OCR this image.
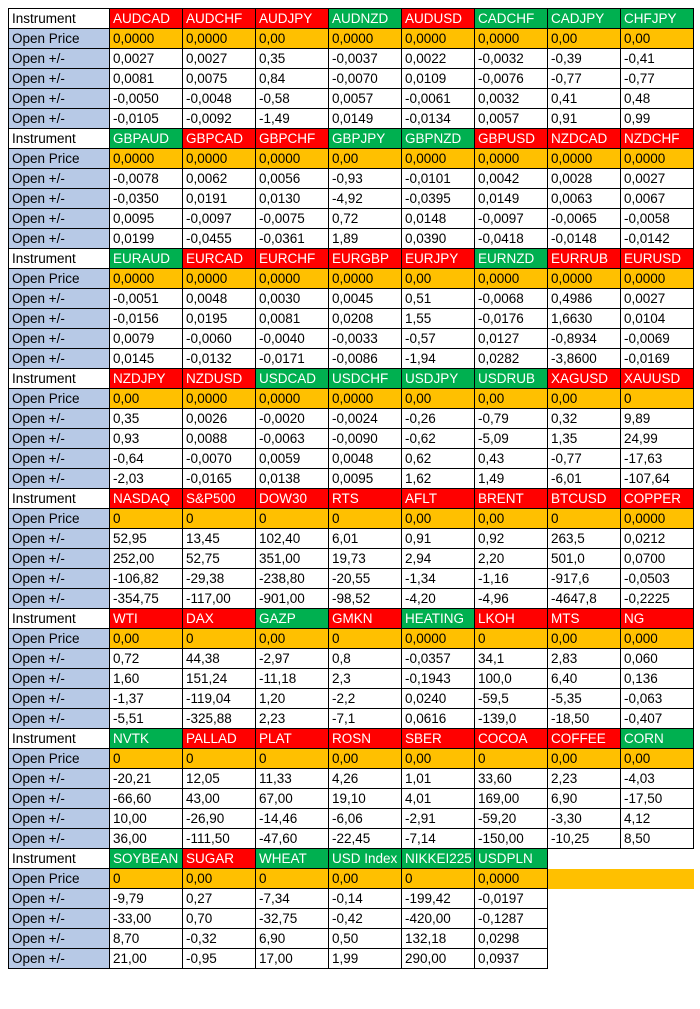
Instrument	AUDCAD	AUDCHF	AUDJPY	AUDNZD	AUDUSD	CADCHF	CADJPY	CHFJPY
Open Price	0,0000	0,0000	0,00	0,0000	0,0000	0,0000	0,00	0,00
Open +/-	0,0027	0,0027	0,35	-0,0037	0,0022	-0,0032	-0,39	-0,41
Open +/-	0,0081	0,0075	0,84	-0,0070	0,0109	-0,0076	-0,77	-0,77
Open +/-	-0,0050	-0,0048	-0,58	0,0057	-0,0061	0,0032	0,41	0,48
Open +/-	-0,0105	-0,0092	-1,49	0,0149	-0,0134	0,0057	0,91	0,99
Instrument	GBPAUD	GBPCAD	GBPCHF	GBPJPY	GBPNZD	GBPUSD	NZDCAD	NZDCHF
Open Price	0,0000	0,0000	0,0000	0,00	0,0000	0,0000	0,0000	0,0000
Open +/-	-0,0078	0,0062	0,0056	-0,93	-0,0101	0,0042	0,0028	0,0027
Open +/-	-0,0350	0,0191	0,0130	-4,92	-0,0395	0,0149	0,0063	0,0067
Open +/-	0,0095	-0,0097	-0,0075	0,72	0,0148	-0,0097	-0,0065	-0,0058
Open +/-	0,0199	-0,0455	-0,0361	1,89	0,0390	-0,0418	-0,0148	-0,0142
Instrument	EURAUD	EURCAD	EURCHF	EURGBP	EURJPY	EURNZD	EURRUB	EURUSD
Open Price	0,0000	0,0000	0,0000	0,0000	0,00	0,0000	0,0000	0,0000
Open +/-	-0,0051	0,0048	0,0030	0,0045	0,51	-0,0068	0,4986	0,0027
Open +/-	-0,0156	0,0195	0,0081	0,0208	1,55	-0,0176	1,6630	0,0104
Open +/-	0,0079	-0,0060	-0,0040	-0,0033	-0,57	0,0127	-0,8934	-0,0069
Open +/-	0,0145	-0,0132	-0,0171	-0,0086	-1,94	0,0282	-3,8600	-0,0169
Instrument	NZDJPY	NZDUSD	USDCAD	USDCHF	USDJPY	USDRUB	XAGUSD	XAUUSD
Open Price	0,00	0,0000	0,0000	0,0000	0,00	0,00	0,00	0
Open +/-	0,35	0,0026	-0,0020	-0,0024	-0,26	-0,79	0,32	9,89
Open +/-	0,93	0,0088	-0,0063	-0,0090	-0,62	-5,09	1,35	24,99
Open +/-	-0,64	-0,0070	0,0059	0,0048	0,62	0,43	-0,77	-17,63
Open +/-	-2,03	-0,0165	0,0138	0,0095	1,62	1,49	-6,01	-107,64
Instrument	NASDAQ	S&P500	DOW30	RTS	AFLT	BRENT	BTCUSD	COPPER
Open Price	0	0	0	0	0,00	0,00	0	0,0000
Open +/-	52,95	13,45	102,40	6,01	0,91	0,92	263,5	0,0212
Open +/-	252,00	52,75	351,00	19,73	2,94	2,20	501,0	0,0700
Open +/-	-106,82	-29,38	-238,80	-20,55	-1,34	-1,16	-917,6	-0,0503
Open +/-	-354,75	-117,00	-901,00	-98,52	-4,20	-4,96	-4647,8	-0,2225
Instrument	WTI	DAX	GAZP	GMKN	HEATING	LKOH	MTS	NG
Open Price	0,00	0	0,00	0	0,0000	0	0,00	0,000
Open +/-	0,72	44,38	-2,97	0,8	-0,0357	34,1	2,83	0,060
Open +/-	1,60	151,24	-11,18	2,3	-0,1943	100,0	6,40	0,136
Open +/-	-1,37	-119,04	1,20	-2,2	0,0240	-59,5	-5,35	-0,063
Open +/-	-5,51	-325,88	2,23	-7,1	0,0616	-139,0	-18,50	-0,407
Instrument	NVTK	PALLAD	PLAT	ROSN	SBER	COCOA	COFFEE	CORN
Open Price	0	0	0	0,00	0,00	0	0,00	0,00
Open +/-	-20,21	12,05	11,33	4,26	1,01	33,60	2,23	-4,03
Open +/-	-66,60	43,00	67,00	19,10	4,01	169,00	6,90	-17,50
Open +/-	10,00	-26,90	-14,46	-6,06	-2,91	-59,20	-3,30	4,12
Open +/-	36,00	-111,50	-47,60	-22,45	-7,14	-150,00	-10,25	8,50
Instrument	SOYBEAN	SUGAR	WHEAT	USD Index	NIKKEI225	USDPLN		
Open Price	0	0,00	0	0,00	0	0,0000		
Open +/-	-9,79	0,27	-7,34	-0,14	-199,42	-0,0197		
Open +/-	-33,00	0,70	-32,75	-0,42	-420,00	-0,1287		
Open +/-	8,70	-0,32	6,90	0,50	132,18	0,0298		
Open +/-	21,00	-0,95	17,00	1,99	290,00	0,0937		
